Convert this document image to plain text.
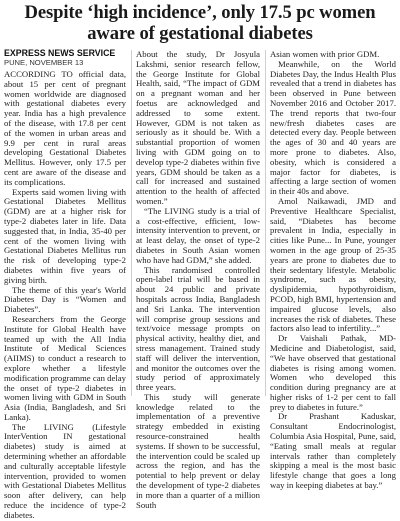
Despite ‘high incidence’, only 17.5 pc women aware of gestational diabetes
EXPRESS NEWS SERVICE
PUNE, NOVEMBER 13

ACCORDING TO official data, about 15 per cent of pregnant women worldwide are diagnosed with gestational diabetes every year. India has a high prevalence of the disease, with 17.8 per cent of the women in urban areas and 9.9 per cent in rural areas developing Gestational Diabetes Mellitus. However, only 17.5 per cent are aware of the disease and its complications.

Experts said women living with Gestational Diabetes Mellitus (GDM) are at a higher risk for type-2 diabetes later in life. Data suggested that, in India, 35-40 per cent of the women living with Gestational Diabetes Mellitus run the risk of developing type-2 diabetes within five years of giving birth.

The theme of this year's World Diabetes Day is “Women and Diabetes”.

Researchers from the George Institute for Global Health have teamed up with the All India Institute of Medical Sciences (AIIMS) to conduct a research to explore whether a lifestyle modification programme can delay the onset of type-2 diabetes in women living with GDM in South Asia (India, Bangladesh, and Sri Lanka).

The LIVING (Lifestyle InterVention IN gestational diabetes) study is aimed at determining whether an affordable and culturally acceptable lifestyle intervention, provided to women with Gestational Diabetes Mellitus soon after delivery, can help reduce the incidence of type-2 diabetes.

About the study, Dr Josyula Lakshmi, senior research fellow, the George Institute for Global Health, said, “The impact of GDM on a pregnant woman and her foetus are acknowledged and addressed to some extent. However, GDM is not taken as seriously as it should be. With a substantial proportion of women living with GDM going on to develop type-2 diabetes within five years, GDM should be taken as a call for increased and sustained attention to the health of affected women.”

“The LIVING study is a trial of a cost-effective, efficient, low-intensity intervention to prevent, or at least delay, the onset of type-2 diabetes in South Asian women who have had GDM,” she added.

This randomised controlled open-label trial will be based in about 24 public and private hospitals across India, Bangladesh and Sri Lanka. The intervention will comprise group sessions and text/voice message prompts on physical activity, healthy diet, and stress management. Trained study staff will deliver the intervention, and monitor the outcomes over the study period of approximately three years.

This study will generate knowledge related to the implementation of a preventive strategy embedded in existing resource-constrained health systems. If shown to be successful, the intervention could be scaled up across the region, and has the potential to help prevent or delay the development of type-2 diabetes in more than a quarter of a million South

Asian women with prior GDM.

Meanwhile, on the World Diabetes Day, the Indus Health Plus revealed that a trend in diabetes has been observed in Pune between November 2016 and October 2017. The trend reports that two-four new/fresh diabetes cases are detected every day. People between the ages of 30 and 40 years are more prone to diabetes. Also, obesity, which is considered a major factor for diabetes, is affecting a large section of women in their 40s and above.

Amol Naikawadi, JMD and Preventive Healthcare Specialist, said, “Diabetes has become prevalent in India, especially in cities like Pune... In Pune, younger women in the age group of 25-35 years are prone to diabetes due to their sedentary lifestyle. Metabolic syndrome, such as obesity, dyslipidemia, hypothyroidism, PCOD, high BMI, hypertension and impaired glucose levels, also increases the risk of diabetes. These factors also lead to infertility...”

Dr Vaishali Pathak, MD-Medicine and Diabetologist, said, “We have observed that gestational diabetes is rising among women. Women who developed this condition during pregnancy are at higher risks of 1-2 per cent to fall prey to diabetes in future.”

Dr Prashant Kaduskar, Consultant Endocrinologist, Columbia Asia Hospital, Pune, said, “Eating small meals at regular intervals rather than completely skipping a meal is the most basic lifestyle change that goes a long way in keeping diabetes at bay.”
